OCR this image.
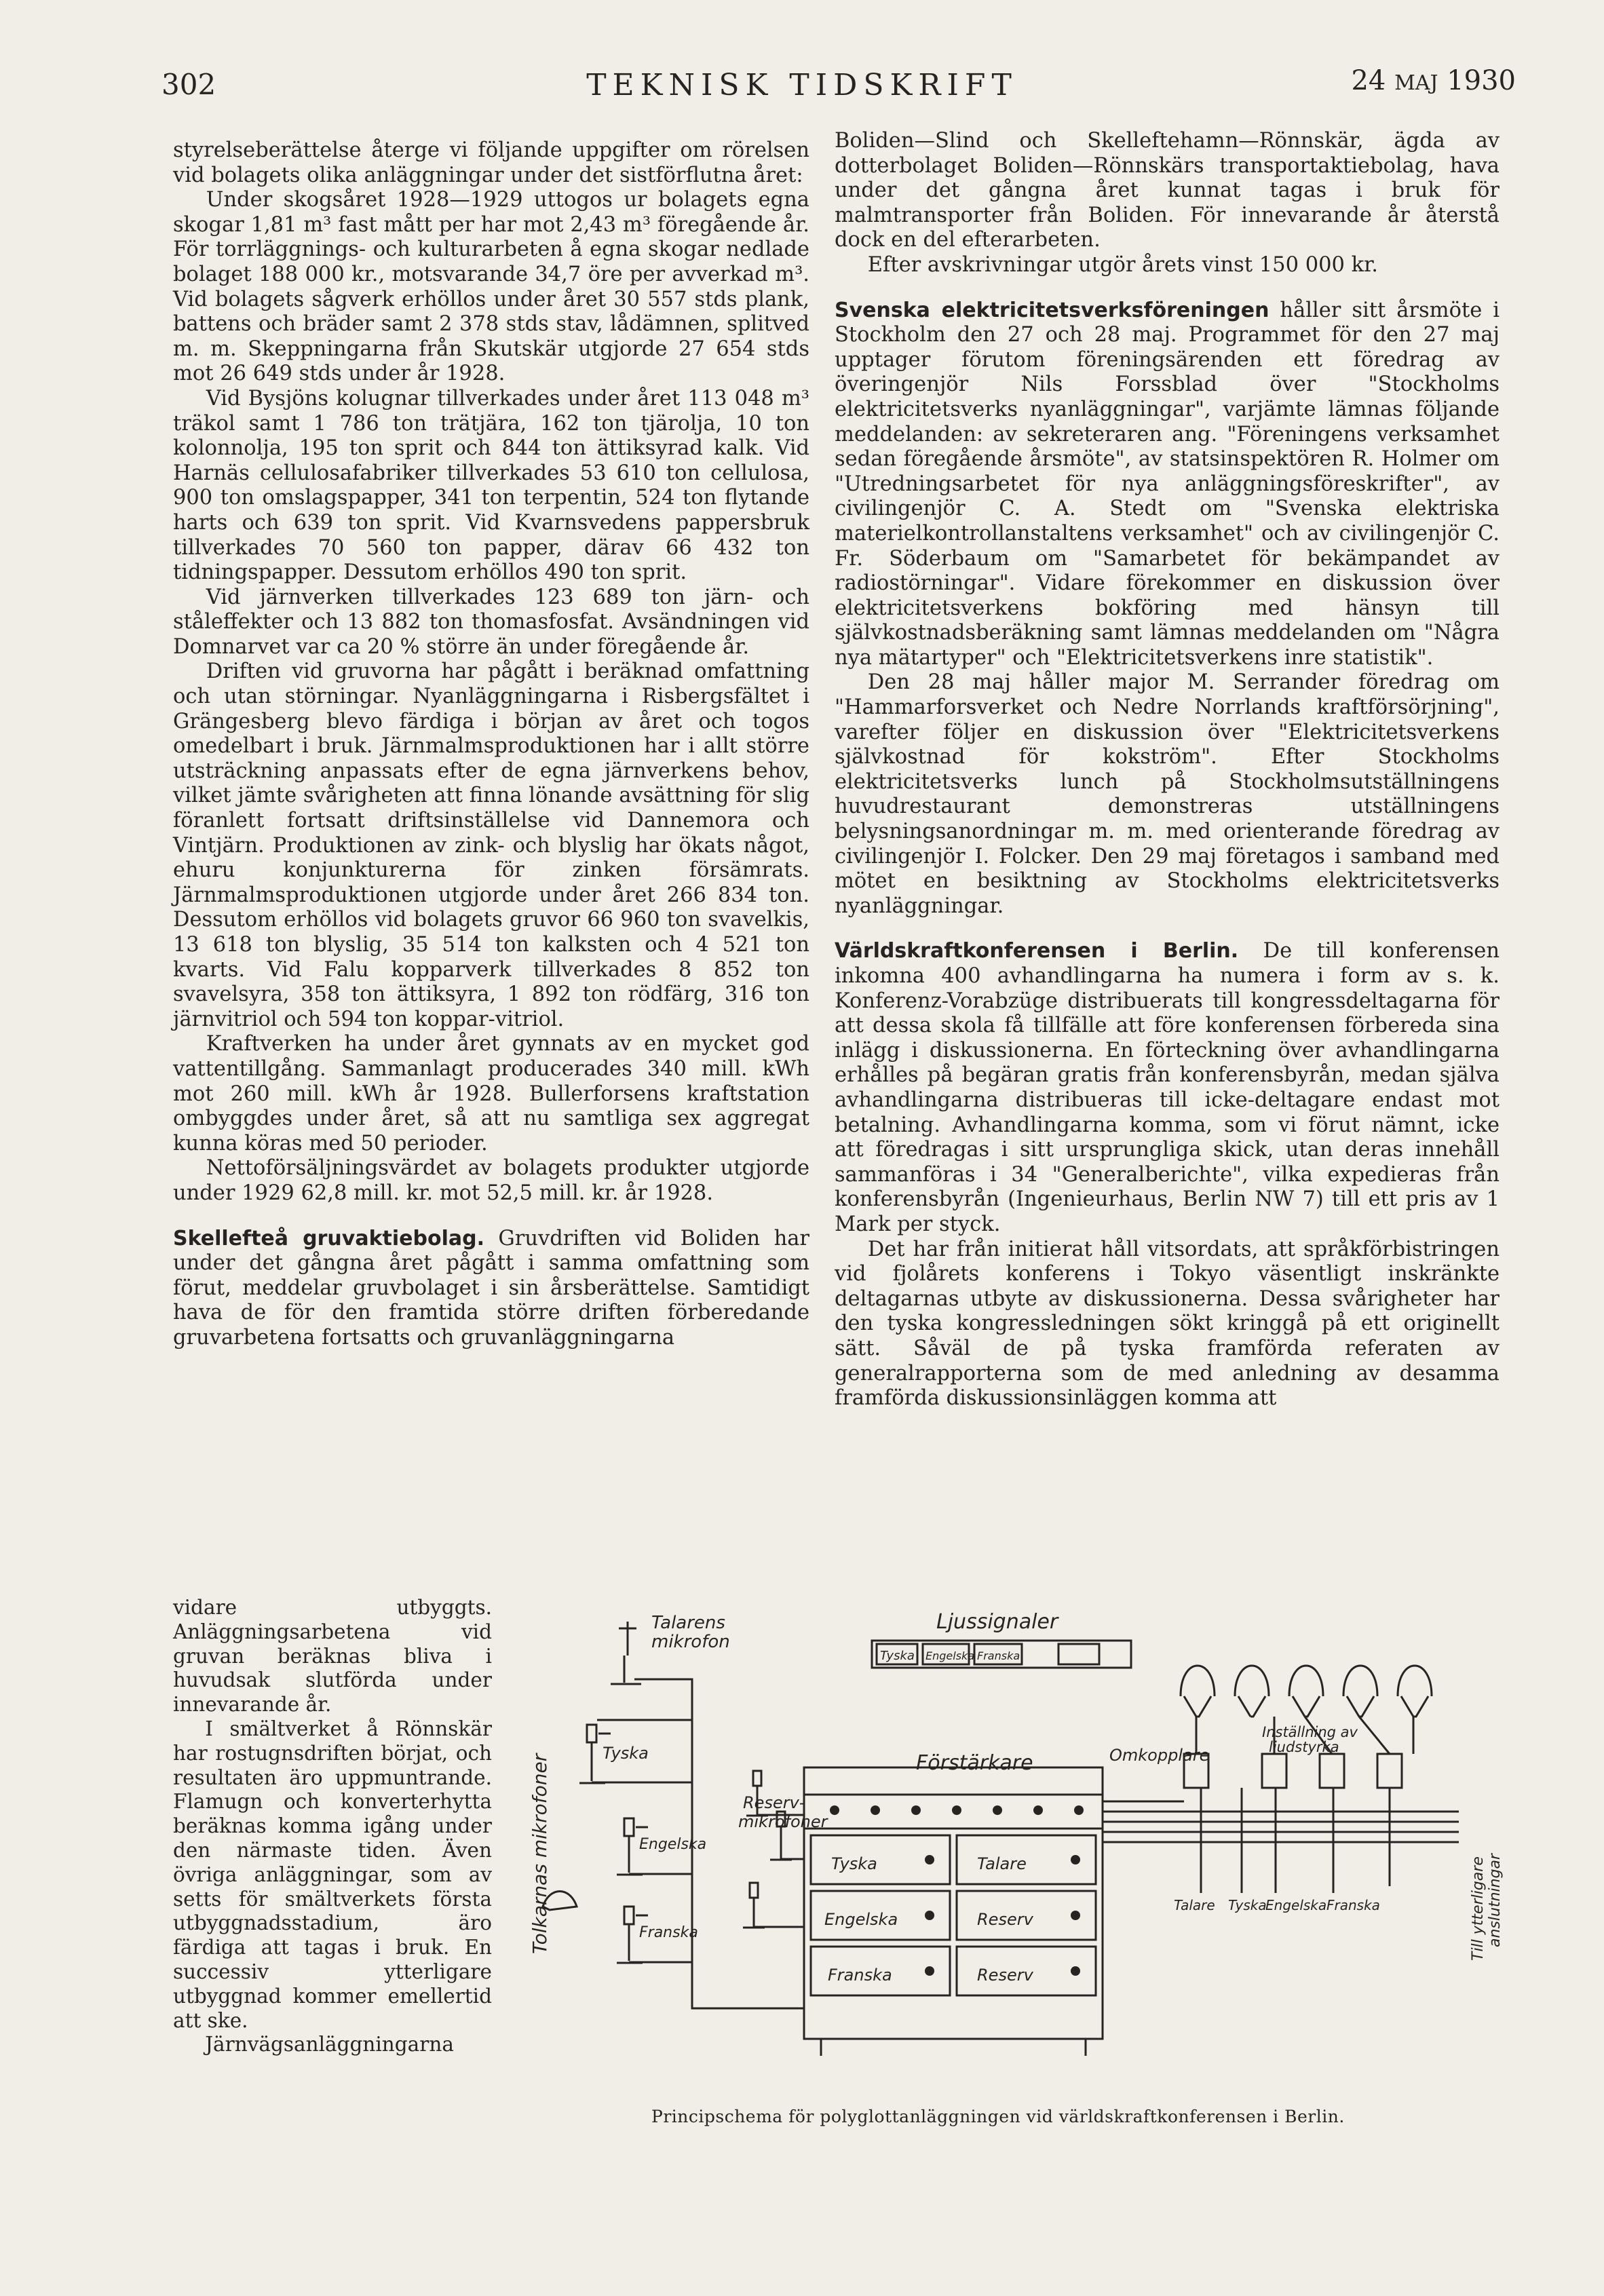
302	TEKNISK TIDSKRIFT	24 MAJ 1930

styrelseberättelse återge vi följande uppgifter om rörelsen vid bolagets olika anläggningar under det sistförflutna året:

Under skogsåret 1928—1929 uttogos ur bolagets egna skogar 1,81 m³ fast mått per har mot 2,43 m³ föregående år. För torrläggnings- och kulturarbeten å egna skogar nedlade bolaget 188 000 kr., motsvarande 34,7 öre per avverkad m³. Vid bolagets sågverk erhöllos under året 30 557 stds plank, battens och bräder samt 2 378 stds stav, lådämnen, splitved m. m. Skeppningarna från Skutskär utgjorde 27 654 stds mot 26 649 stds under år 1928.

Vid Bysjöns kolugnar tillverkades under året 113 048 m³ träkol samt 1 786 ton trätjära, 162 ton tjärolja, 10 ton kolonnolja, 195 ton sprit och 844 ton ättiksyrad kalk. Vid Harnäs cellulosafabriker tillverkades 53 610 ton cellulosa, 900 ton omslagspapper, 341 ton terpentin, 524 ton flytande harts och 639 ton sprit. Vid Kvarnsvedens pappersbruk tillverkades 70 560 ton papper, därav 66 432 ton tidningspapper. Dessutom erhöllos 490 ton sprit.

Vid järnverken tillverkades 123 689 ton järn- och ståleffekter och 13 882 ton thomasfosfat. Avsändningen vid Domnarvet var ca 20 % större än under föregående år.

Driften vid gruvorna har pågått i beräknad omfattning och utan störningar. Nyanläggningarna i Risbergsfältet i Grängesberg blevo färdiga i början av året och togos omedelbart i bruk. Järnmalmsproduktionen har i allt större utsträckning anpassats efter de egna järnverkens behov, vilket jämte svårigheten att finna lönande avsättning för slig föranlett fortsatt driftsinställelse vid Dannemora och Vintjärn. Produktionen av zink- och blyslig har ökats något, ehuru konjunkturerna för zinken försämrats. Järnmalmsproduktionen utgjorde under året 266 834 ton. Dessutom erhöllos vid bolagets gruvor 66 960 ton svavelkis, 13 618 ton blyslig, 35 514 ton kalksten och 4 521 ton kvarts. Vid Falu kopparverk tillverkades 8 852 ton svavelsyra, 358 ton ättiksyra, 1 892 ton rödfärg, 316 ton järnvitriol och 594 ton koppar-vitriol.

Kraftverken ha under året gynnats av en mycket god vattentillgång. Sammanlagt producerades 340 mill. kWh mot 260 mill. kWh år 1928. Bullerforsens kraftstation ombyggdes under året, så att nu samtliga sex aggregat kunna köras med 50 perioder.

Nettoförsäljningsvärdet av bolagets produkter utgjorde under 1929 62,8 mill. kr. mot 52,5 mill. kr. år 1928.

Skellefteå gruvaktiebolag. Gruvdriften vid Boliden har under det gångna året pågått i samma omfattning som förut, meddelar gruvbolaget i sin årsberättelse. Samtidigt hava de för den framtida större driften förberedande gruvarbetena fortsatts och gruvanläggningarna

vidare utbyggts. Anläggningsarbetena vid gruvan beräknas bliva i huvudsak slutförda under innevarande år.

I smältverket å Rönnskär har rostugnsdriften börjat, och resultaten äro uppmuntrande. Flamugn och konverterhytta beräknas komma igång under den närmaste tiden. Även övriga anläggningar, som av setts för smältverkets första utbyggnadsstadium, äro färdiga att tagas i bruk. En successiv ytterligare utbyggnad kommer emellertid att ske.

Järnvägsanläggningarna

Boliden—Slind och Skelleftehamn—Rönnskär, ägda av dotterbolaget Boliden—Rönnskärs transportaktiebolag, hava under det gångna året kunnat tagas i bruk för malmtransporter från Boliden. För innevarande år återstå dock en del efterarbeten.

Efter avskrivningar utgör årets vinst 150 000 kr.

Svenska elektricitetsverksföreningen håller sitt årsmöte i Stockholm den 27 och 28 maj. Programmet för den 27 maj upptager förutom föreningsärenden ett föredrag av överingenjör Nils Forssblad över "Stockholms elektricitetsverks nyanläggningar", varjämte lämnas följande meddelanden: av sekreteraren ang. "Föreningens verksamhet sedan föregående årsmöte", av statsinspektören R. Holmer om "Utredningsarbetet för nya anläggningsföreskrifter", av civilingenjör C. A. Stedt om "Svenska elektriska materielkontrollanstaltens verksamhet" och av civilingenjör C. Fr. Söderbaum om "Samarbetet för bekämpandet av radiostörningar". Vidare förekommer en diskussion över elektricitetsverkens bokföring med hänsyn till självkostnadsberäkning samt lämnas meddelanden om "Några nya mätartyper" och "Elektricitetsverkens inre statistik".

Den 28 maj håller major M. Serrander föredrag om "Hammarforsverket och Nedre Norrlands kraftförsörjning", varefter följer en diskussion över "Elektricitetsverkens självkostnad för kokström". Efter Stockholms elektricitetsverks lunch på Stockholmsutställningens huvudrestaurant demonstreras utställningens belysningsanordningar m. m. med orienterande föredrag av civilingenjör I. Folcker. Den 29 maj företagos i samband med mötet en besiktning av Stockholms elektricitetsverks nyanläggningar.

Världskraftkonferensen i Berlin. De till konferensen inkomna 400 avhandlingarna ha numera i form av s. k. Konferenz-Vorabzüge distribuerats till kongressdeltagarna för att dessa skola få tillfälle att före konferensen förbereda sina inlägg i diskussionerna. En förteckning över avhandlingarna erhålles på begäran gratis från konferensbyrån, medan själva avhandlingarna distribueras till icke-deltagare endast mot betalning. Avhandlingarna komma, som vi förut nämnt, icke att föredragas i sitt ursprungliga skick, utan deras innehåll sammanföras i 34 "Generalberichte", vilka expedieras från konferensbyrån (Ingenieurhaus, Berlin NW 7) till ett pris av 1 Mark per styck.

Det har från initierat håll vitsordats, att språkförbistringen vid fjolårets konferens i Tokyo väsentligt inskränkte deltagarnas utbyte av diskussionerna. Dessa svårigheter har den tyska kongressledningen sökt kringgå på ett originellt sätt. Såväl de på tyska framförda referaten av generalrapporterna som de med anledning av desamma framförda diskussionsinläggen komma att

Talarens
mikrofon
Ljussignaler
Tyska Engelska Franska
Tolkarnas mikrofoner
Tyska
Engelska
Franska
Reserv-
mikrofoner
Förstärkare
Tyska	Talare
Engelska	Reserv
Franska	Reserv
Omkopplare
Inställning av
ljudstyrka
Talare Tyska
Engelska Franska	Till ytterligare anslutningar
Principschema för polyglottanläggningen vid världskraftkonferensen i Berlin.
